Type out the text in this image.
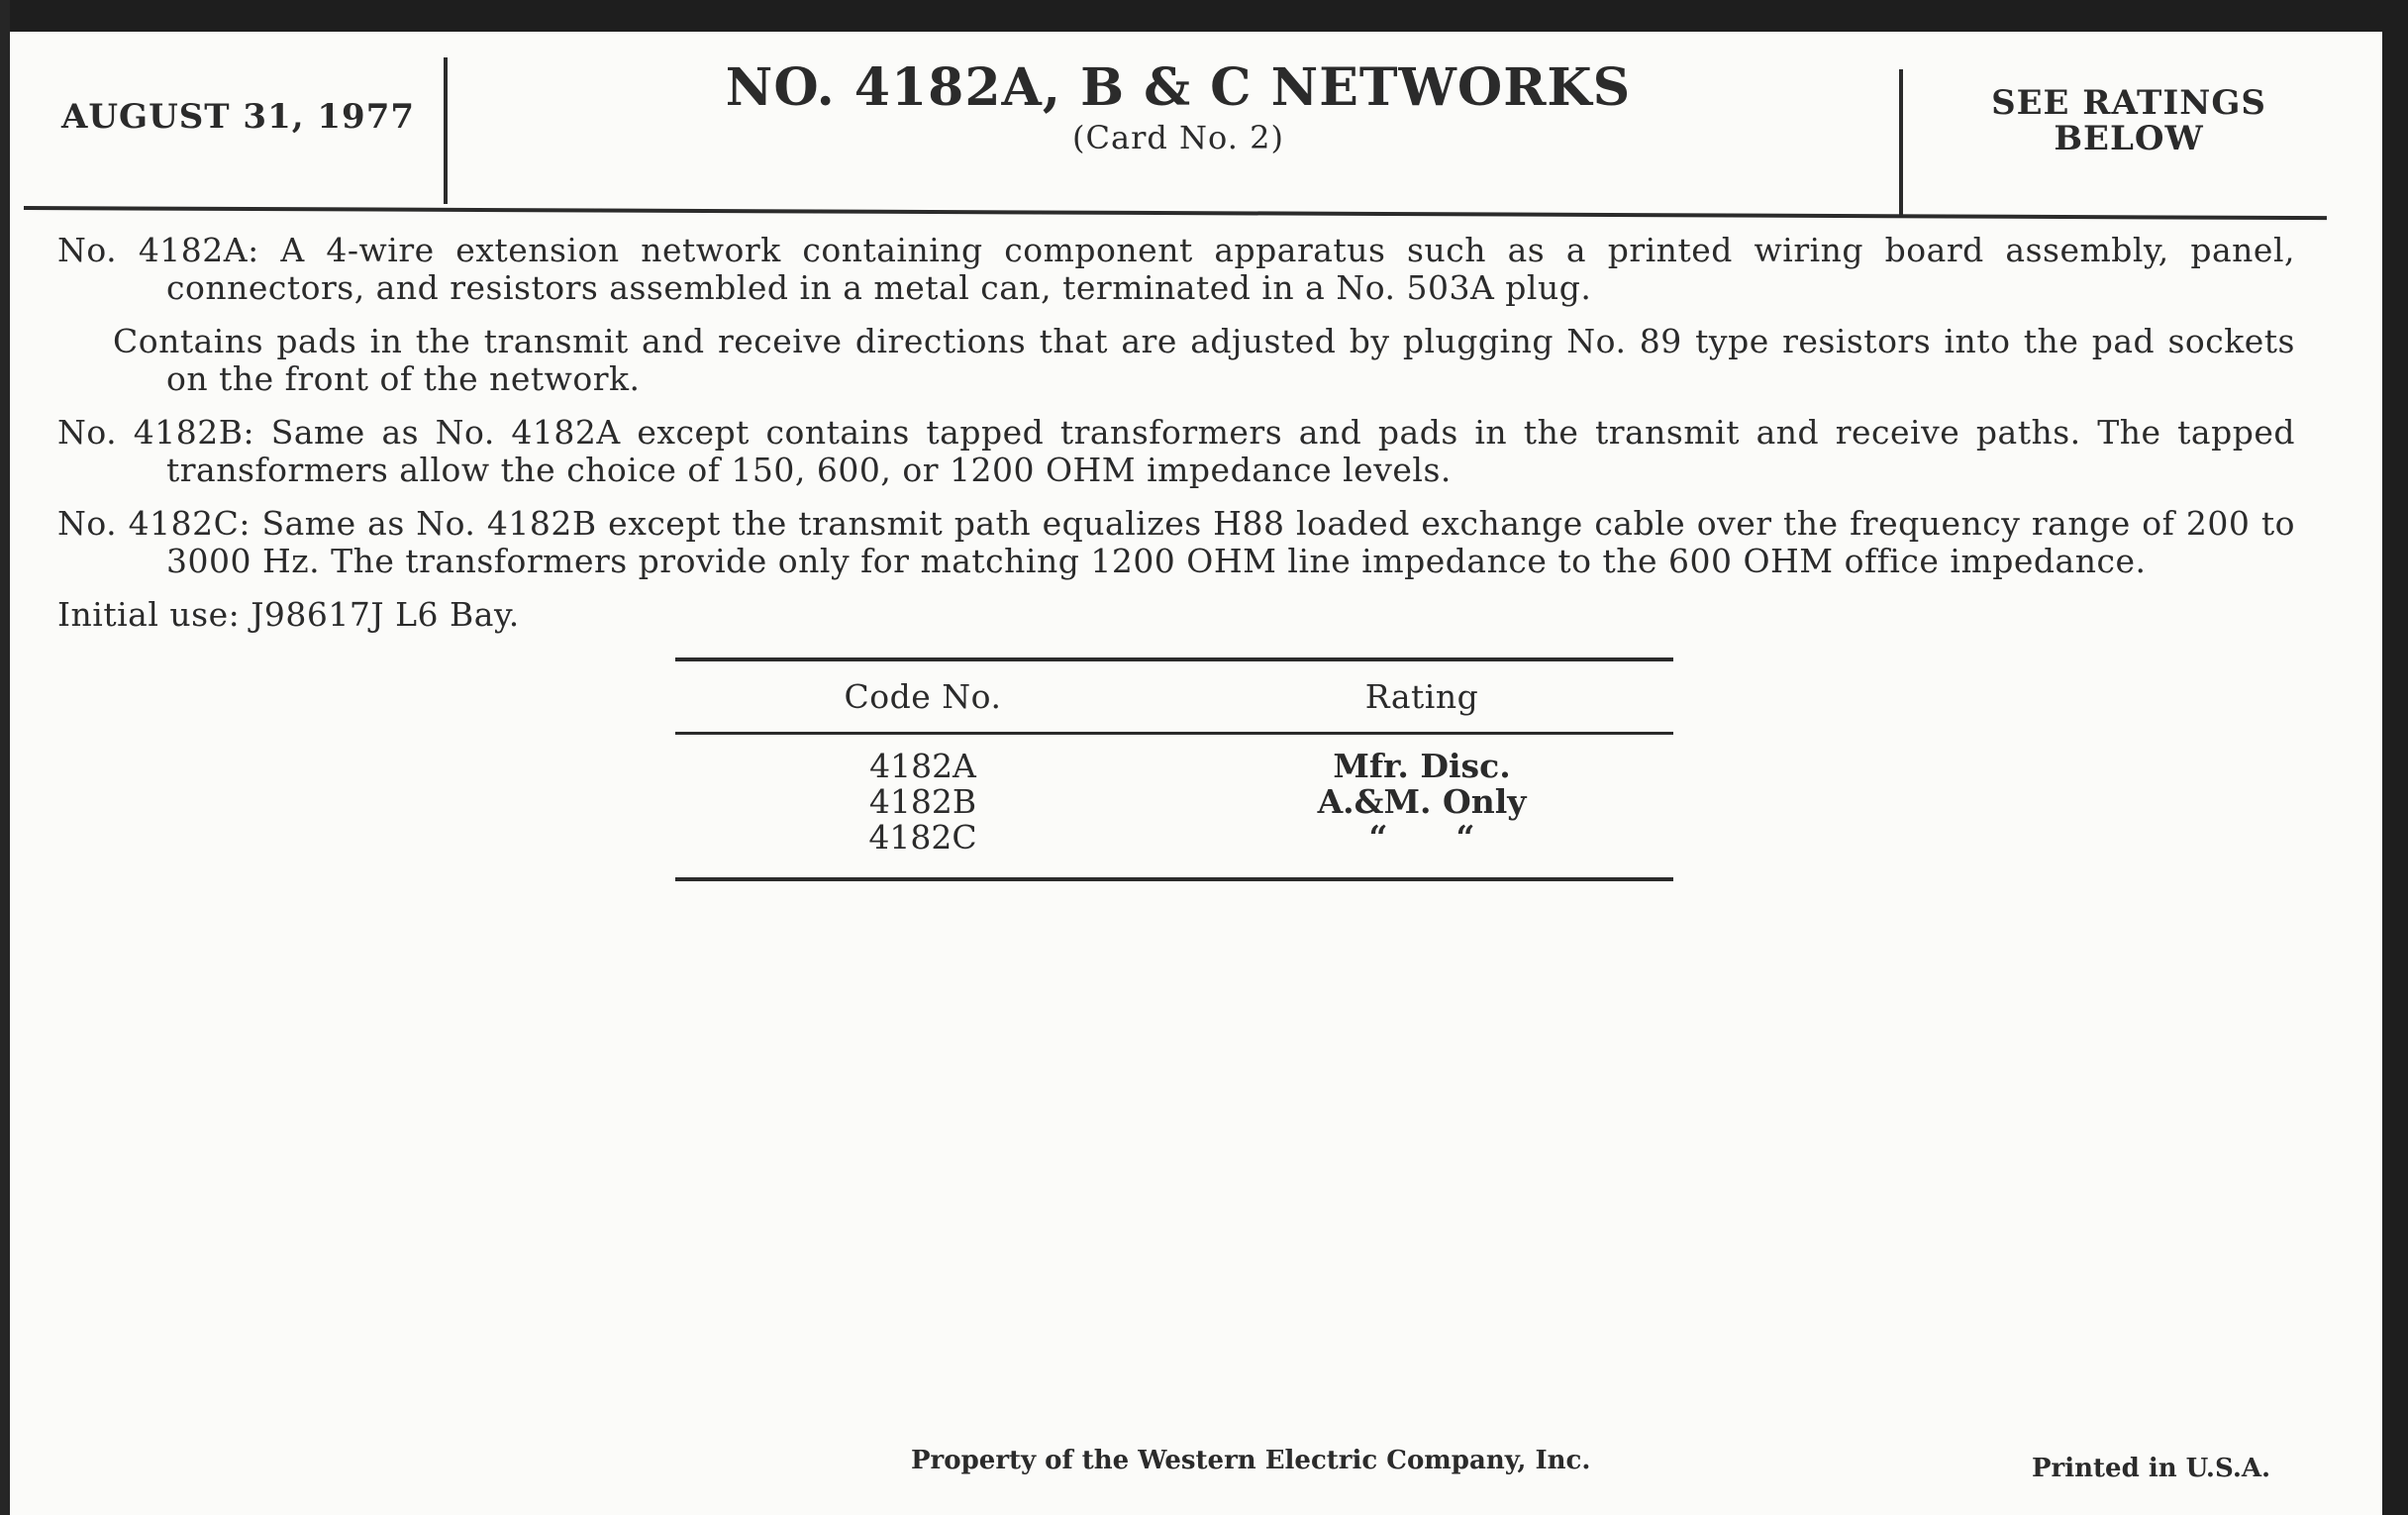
AUGUST 31, 1977	NO. 4182A, B & C NETWORKS
(Card No. 2)
SEE RATINGS
BELOW

No. 4182A: A 4-wire extension network containing component apparatus such as a printed wiring board assembly, panel, connectors, and resistors assembled in a metal can, terminated in a No. 503A plug.

Contains pads in the transmit and receive directions that are adjusted by plugging No. 89 type resistors into the pad sockets on the front of the network.

No. 4182B: Same as No. 4182A except contains tapped transformers and pads in the transmit and receive paths. The tapped transformers allow the choice of 150, 600, or 1200 OHM impedance levels.

No. 4182C: Same as No. 4182B except the transmit path equalizes H88 loaded exchange cable over the frequency range of 200 to 3000 Hz. The transformers provide only for matching 1200 OHM line impedance to the 600 OHM office impedance.

Initial use: J98617J L6 Bay.

Code No.	Rating
4182A	Mfr. Disc.
4182B	A.&M. Only
4182C	“      “
Property of the Western Electric Company, Inc.	Printed in U.S.A.
